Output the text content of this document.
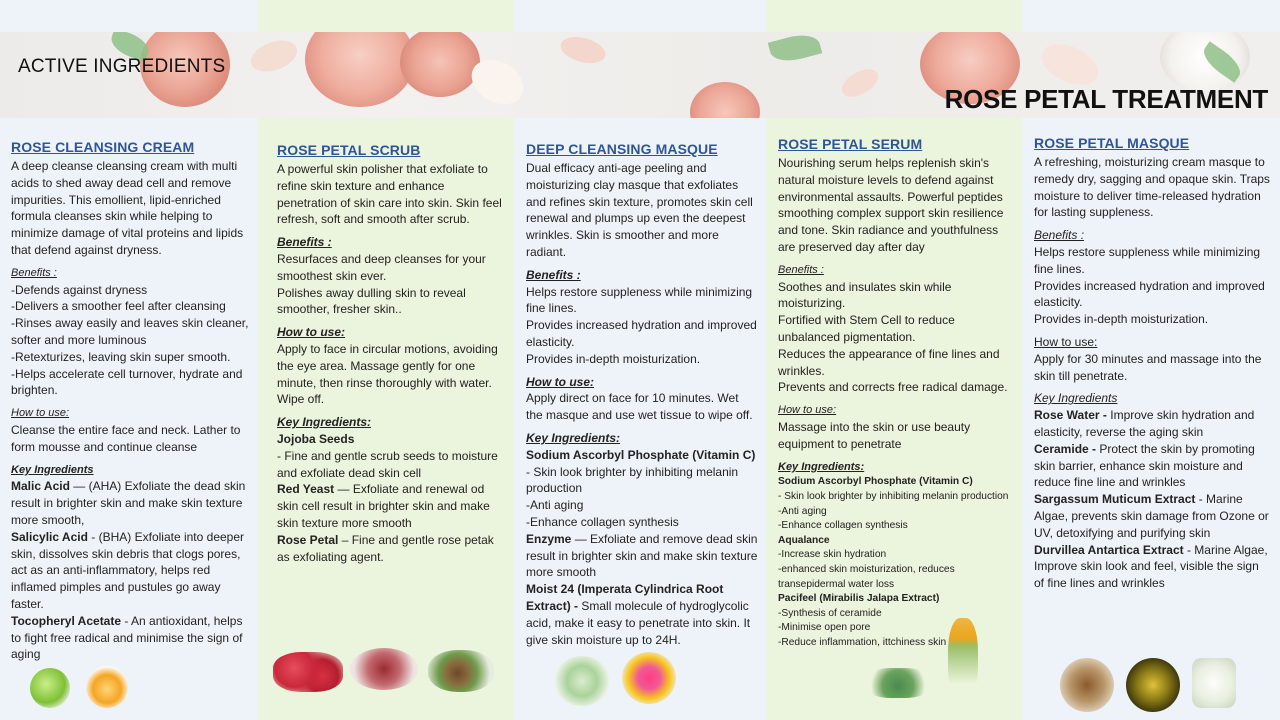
ACTIVE INGREDIENTS
ROSE PETAL TREATMENT
ROSE CLEANSING CREAM

A deep cleanse cleansing cream with multi acids to shed away dead cell and remove impurities. This emollient, lipid-enriched formula cleanses skin while helping to minimize damage of vital proteins and lipids that defend against dryness.

Benefits :

-Defends against dryness

-Delivers a smoother feel after cleansing

-Rinses away easily and leaves skin cleaner, softer and more luminous

-Retexturizes, leaving skin super smooth.

-Helps accelerate cell turnover, hydrate and brighten.

How to use:

Cleanse the entire face and neck. Lather to form mousse and continue cleanse

Key Ingredients

Malic Acid — (AHA) Exfoliate the dead skin result in brighter skin and make skin texture more smooth,

Salicylic Acid - (BHA) Exfoliate into deeper skin, dissolves skin debris that clogs pores, act as an anti-inflammatory, helps red inflamed pimples and pustules go away faster.

Tocopheryl Acetate - An antioxidant, helps to fight free radical and minimise the sign of aging

ROSE PETAL SCRUB

A powerful skin polisher that exfoliate to refine skin texture and enhance penetration of skin care into skin. Skin feel refresh, soft and smooth after scrub.

Benefits :

Resurfaces and deep cleanses for your smoothest skin ever.

Polishes away dulling skin to reveal smoother, fresher skin..

How to use:

Apply to face in circular motions, avoiding the eye area. Massage gently for one minute, then rinse thoroughly with water. Wipe off.

Key Ingredients:

Jojoba Seeds

- Fine and gentle scrub seeds to moisture and exfoliate dead skin cell

Red Yeast — Exfoliate and renewal od skin cell result in brighter skin and make skin texture more smooth

Rose Petal – Fine and gentle rose petak as exfoliating agent.

DEEP CLEANSING MASQUE

Dual efficacy anti-age peeling and moisturizing clay masque that exfoliates and refines skin texture, promotes skin cell renewal and plumps up even the deepest wrinkles. Skin is smoother and more radiant.

Benefits :

Helps restore suppleness while minimizing fine lines.

Provides increased hydration and improved elasticity.

Provides in-depth moisturization.

How to use:

Apply direct on face for 10 minutes. Wet the masque and use wet tissue to wipe off.

Key Ingredients:

Sodium Ascorbyl Phosphate (Vitamin C)

- Skin look brighter by inhibiting melanin production

-Anti aging

-Enhance collagen synthesis

Enzyme — Exfoliate and remove dead skin result in brighter skin and make skin texture more smooth

Moist 24 (Imperata Cylindrica Root Extract) - Small molecule of hydroglycolic acid, make it easy to penetrate into skin. It give skin moisture up to 24H.

ROSE PETAL SERUM

Nourishing serum helps replenish skin's natural moisture levels to defend against environmental assaults. Powerful peptides smoothing complex support skin resilience and tone. Skin radiance and youthfulness are preserved day after day

Benefits :

Soothes and insulates skin while moisturizing.

Fortified with Stem Cell to reduce unbalanced pigmentation.

Reduces the appearance of fine lines and wrinkles.

Prevents and corrects free radical damage.

How to use:

Massage into the skin or use beauty equipment to penetrate

Key Ingredients:

Sodium Ascorbyl Phosphate (Vitamin C)

- Skin look brighter by inhibiting melanin production

-Anti aging

-Enhance collagen synthesis

Aqualance

-Increase skin hydration

-enhanced skin moisturization, reduces transepidermal water loss

Pacifeel (Mirabilis Jalapa Extract)

-Synthesis of ceramide

-Minimise open pore

-Reduce inflammation, ittchiness skin

ROSE PETAL MASQUE

A refreshing, moisturizing cream masque to remedy dry, sagging and opaque skin. Traps moisture to deliver time-released hydration for lasting suppleness.

Benefits :

Helps restore suppleness while minimizing fine lines.

Provides increased hydration and improved elasticity.

Provides in-depth moisturization.

How to use:

Apply for 30 minutes and massage into the skin till penetrate.

Key Ingredients

Rose Water - Improve skin hydration and elasticity, reverse the aging skin

Ceramide - Protect the skin by promoting skin barrier, enhance skin moisture and reduce fine line and wrinkles

Sargassum Muticum Extract - Marine Algae, prevents skin damage from Ozone or UV, detoxifying and purifying skin

Durvillea Antartica Extract - Marine Algae, Improve skin look and feel, visible the sign of fine lines and wrinkles
